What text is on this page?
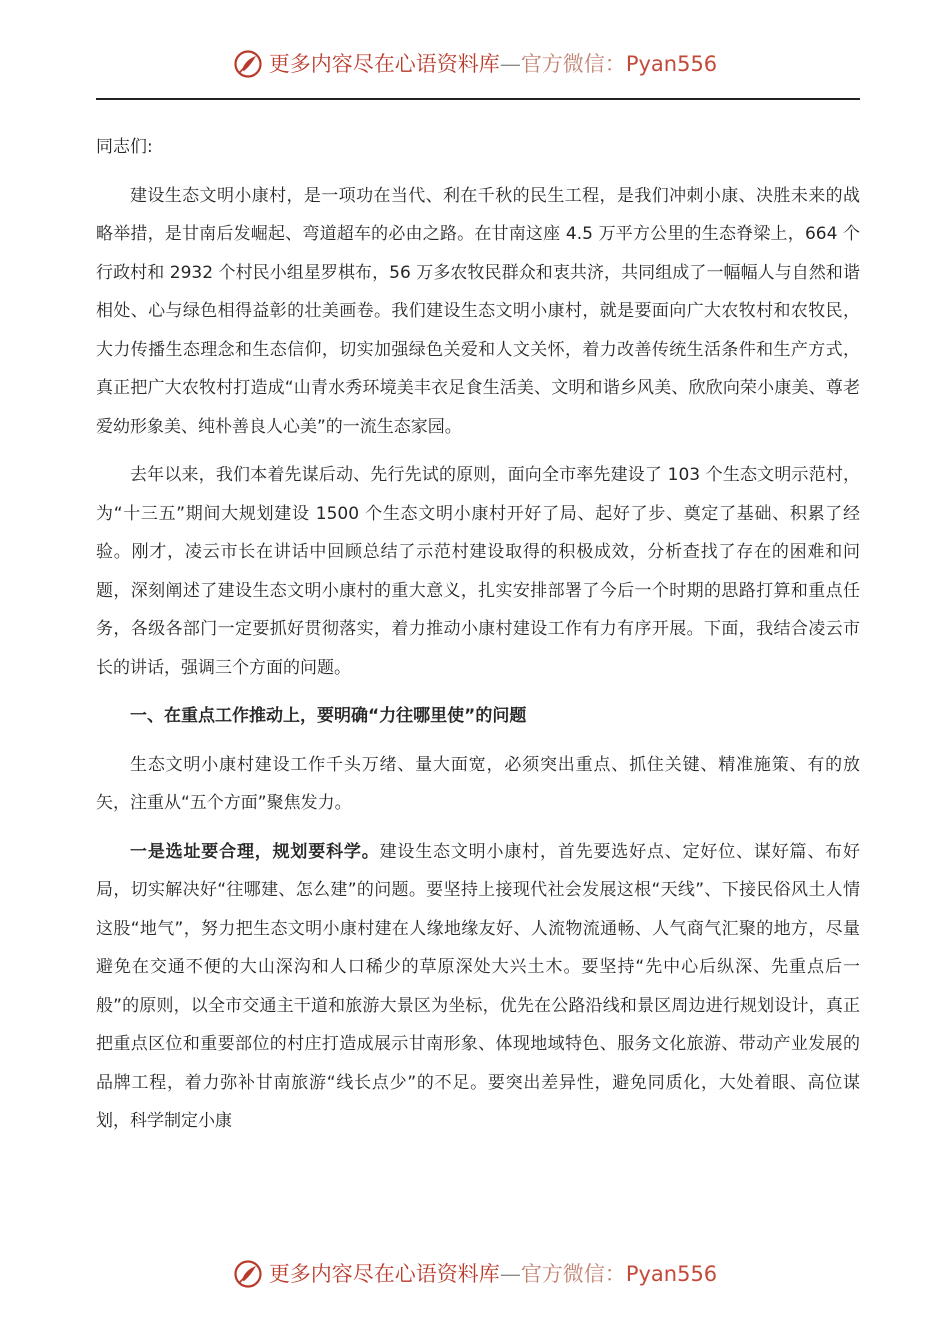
更多内容尽在心语资料库—官方微信：Pyan556

同志们:

建设生态文明小康村，是一项功在当代、利在千秋的民生工程，是我们冲刺小康、决胜未来的战略举措，是甘南后发崛起、弯道超车的必由之路。在甘南这座 4.5 万平方公里的生态脊梁上，664 个行政村和 2932 个村民小组星罗棋布，56 万多农牧民群众和衷共济，共同组成了一幅幅人与自然和谐相处、心与绿色相得益彰的壮美画卷。我们建设生态文明小康村，就是要面向广大农牧村和农牧民，大力传播生态理念和生态信仰，切实加强绿色关爱和人文关怀，着力改善传统生活条件和生产方式，真正把广大农牧村打造成“山青水秀环境美丰衣足食生活美、文明和谐乡风美、欣欣向荣小康美、尊老爱幼形象美、纯朴善良人心美”的一流生态家园。

去年以来，我们本着先谋后动、先行先试的原则，面向全市率先建设了 103 个生态文明示范村，为“十三五”期间大规划建设 1500 个生态文明小康村开好了局、起好了步、奠定了基础、积累了经验。刚才，凌云市长在讲话中回顾总结了示范村建设取得的积极成效，分析查找了存在的困难和问题，深刻阐述了建设生态文明小康村的重大意义，扎实安排部署了今后一个时期的思路打算和重点任务，各级各部门一定要抓好贯彻落实，着力推动小康村建设工作有力有序开展。下面，我结合凌云市长的讲话，强调三个方面的问题。

一、在重点工作推动上，要明确“力往哪里使”的问题

生态文明小康村建设工作千头万绪、量大面宽，必须突出重点、抓住关键、精准施策、有的放矢，注重从“五个方面”聚焦发力。

一是选址要合理，规划要科学。建设生态文明小康村，首先要选好点、定好位、谋好篇、布好局，切实解决好“往哪建、怎么建”的问题。要坚持上接现代社会发展这根“天线”、下接民俗风土人情这股“地气”，努力把生态文明小康村建在人缘地缘友好、人流物流通畅、人气商气汇聚的地方，尽量避免在交通不便的大山深沟和人口稀少的草原深处大兴土木。要坚持“先中心后纵深、先重点后一般”的原则，以全市交通主干道和旅游大景区为坐标，优先在公路沿线和景区周边进行规划设计，真正把重点区位和重要部位的村庄打造成展示甘南形象、体现地域特色、服务文化旅游、带动产业发展的品牌工程，着力弥补甘南旅游“线长点少”的不足。要突出差异性，避免同质化，大处着眼、高位谋划，科学制定小康

更多内容尽在心语资料库—官方微信：Pyan556
